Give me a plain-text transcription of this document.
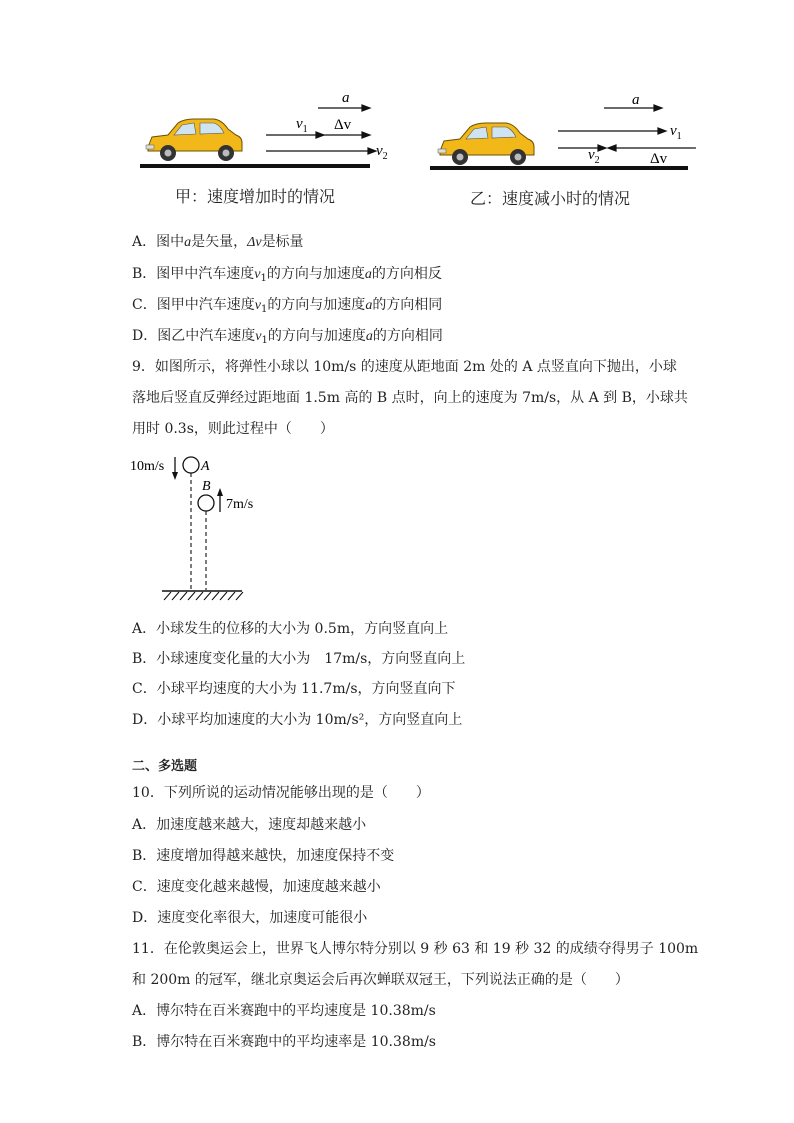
a
$v_1$ Δv
$v_2$
甲：速度增加时的情况
a
$v_1$
$v_2$	Δv
乙：速度减小时的情况
A．图中a是矢量，Δv是标量
B．图甲中汽车速度$v_1$的方向与加速度a的方向相反
C．图甲中汽车速度$v_1$的方向与加速度a的方向相同
D．图乙中汽车速度$v_1$的方向与加速度a的方向相同
9．如图所示，将弹性小球以 10m/s 的速度从距地面 2m 处的 A 点竖直向下抛出，小球
落地后竖直反弹经过距地面 1.5m 高的 B 点时，向上的速度为 7m/s，从 A 到 B，小球共
用时 0.3s，则此过程中（　　）
10m/s	A
B
7m/s
A．小球发生的位移的大小为 0.5m，方向竖直向上
B．小球速度变化量的大小为　17m/s，方向竖直向上
C．小球平均速度的大小为 11.7m/s，方向竖直向下
D．小球平均加速度的大小为 10m/s²，方向竖直向上
二、多选题
10．下列所说的运动情况能够出现的是（　　）
A．加速度越来越大，速度却越来越小
B．速度增加得越来越快，加速度保持不变
C．速度变化越来越慢，加速度越来越小
D．速度变化率很大，加速度可能很小
11．在伦敦奥运会上，世界飞人博尔特分别以 9 秒 63 和 19 秒 32 的成绩夺得男子 100m
和 200m 的冠军，继北京奥运会后再次蝉联双冠王，下列说法正确的是（　　）
A．博尔特在百米赛跑中的平均速度是 10.38m/s
B．博尔特在百米赛跑中的平均速率是 10.38m/s
